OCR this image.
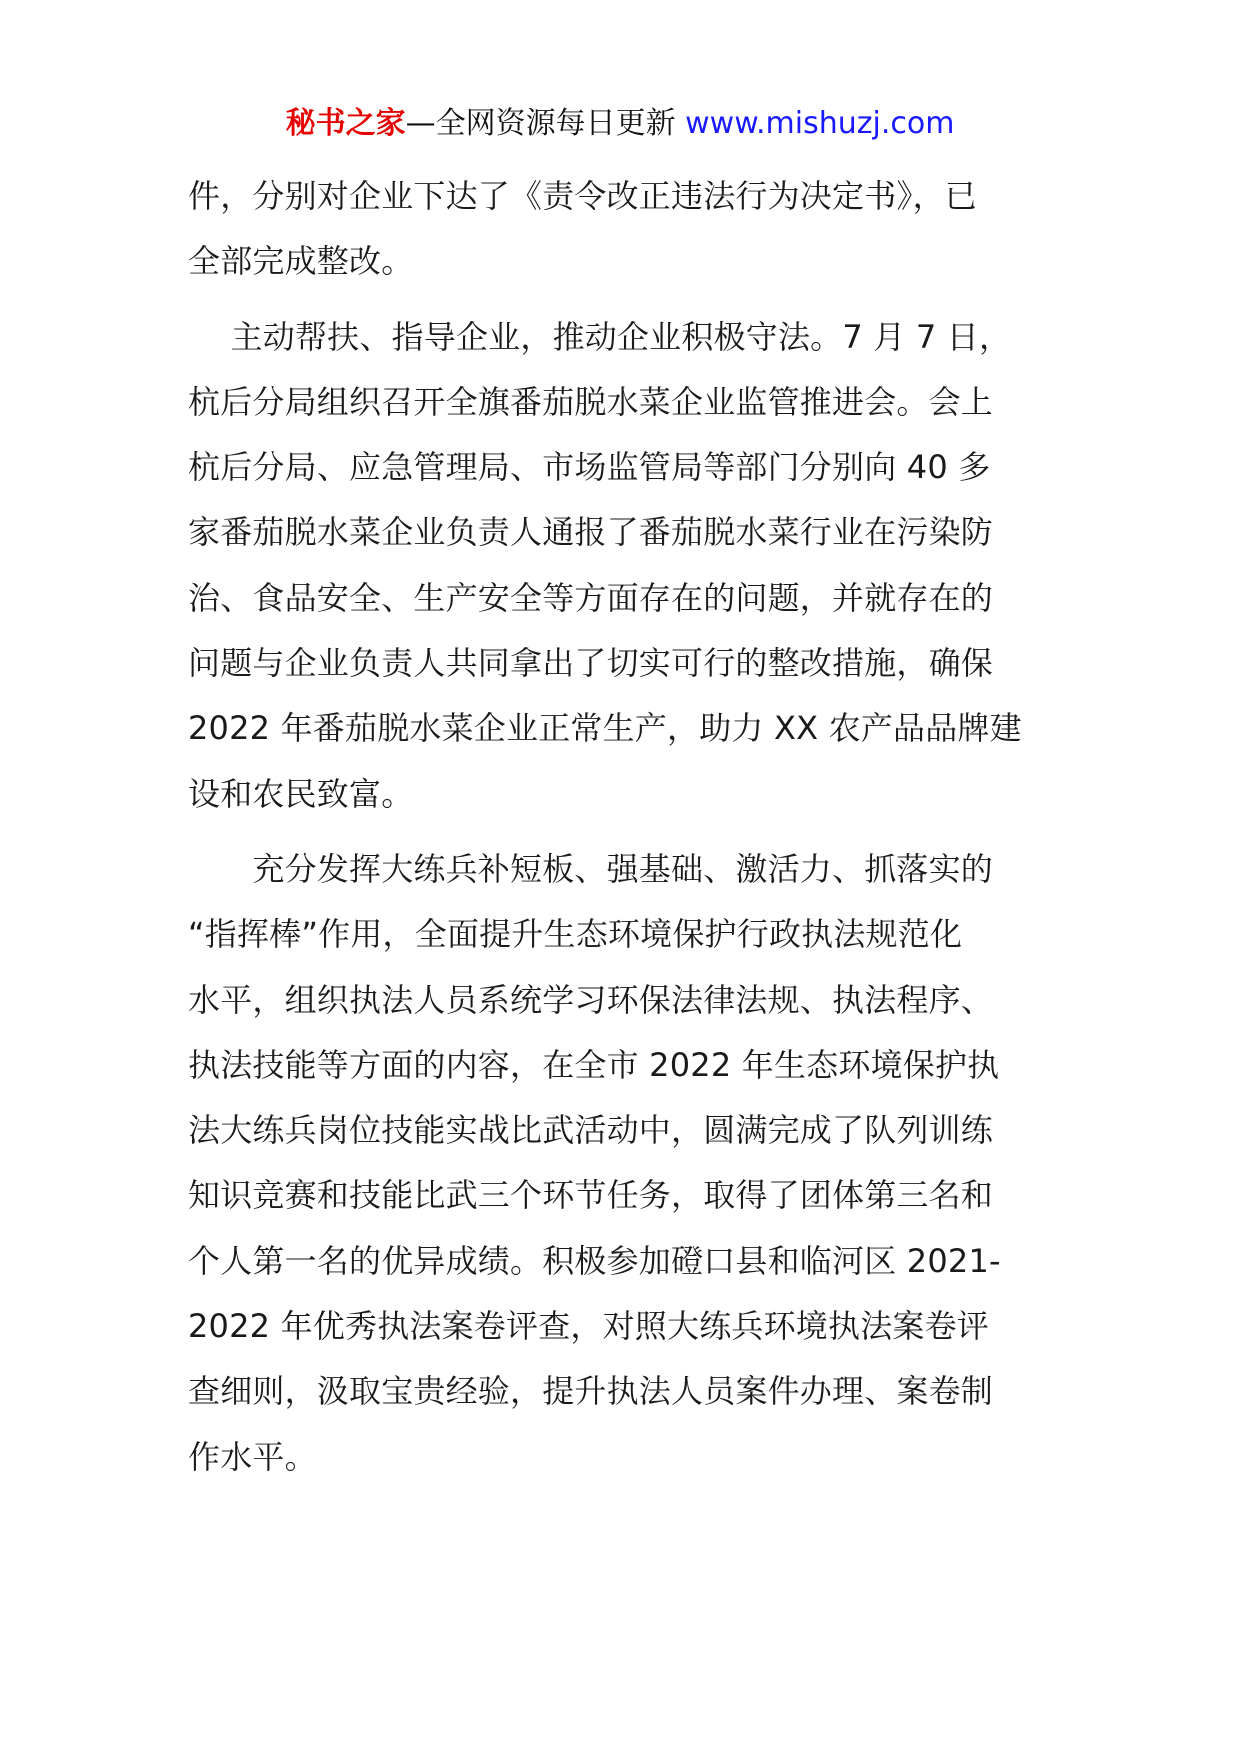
秘书之家—全网资源每日更新 www.mishuzj.com

件，分别对企业下达了《责令改正违法行为决定书》，已
全部完成整改。

　 主动帮扶、指导企业，推动企业积极守法。7 月 7 日，
杭后分局组织召开全旗番茄脱水菜企业监管推进会。会上
杭后分局、应急管理局、市场监管局等部门分别向 40 多
家番茄脱水菜企业负责人通报了番茄脱水菜行业在污染防
治、食品安全、生产安全等方面存在的问题，并就存在的
问题与企业负责人共同拿出了切实可行的整改措施，确保
2022 年番茄脱水菜企业正常生产，助力 XX 农产品品牌建
设和农民致富。

　　充分发挥大练兵补短板、强基础、激活力、抓落实的
“指挥棒”作用，全面提升生态环境保护行政执法规范化
水平，组织执法人员系统学习环保法律法规、执法程序、
执法技能等方面的内容，在全市 2022 年生态环境保护执
法大练兵岗位技能实战比武活动中，圆满完成了队列训练
知识竞赛和技能比武三个环节任务，取得了团体第三名和
个人第一名的优异成绩。积极参加磴口县和临河区 2021-
2022 年优秀执法案卷评查，对照大练兵环境执法案卷评
查细则，汲取宝贵经验，提升执法人员案件办理、案卷制
作水平。
